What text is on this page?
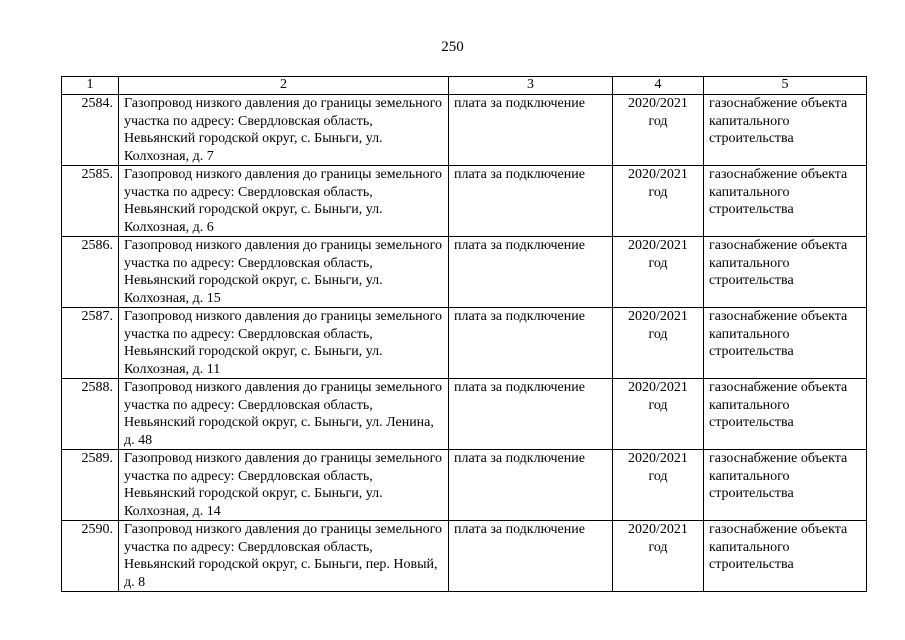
250
1	2	3	4	5
2584.	Газопровод низкого давления до границы земельного участка по адресу: Свердловская область, Невьянский городской округ, с. Быньги, ул. Колхозная, д. 7	плата за подключение	2020/2021 год	газоснабжение объекта капитального строительства
2585.	Газопровод низкого давления до границы земельного участка по адресу: Свердловская область, Невьянский городской округ, с. Быньги, ул. Колхозная, д. 6	плата за подключение	2020/2021 год	газоснабжение объекта капитального строительства
2586.	Газопровод низкого давления до границы земельного участка по адресу: Свердловская область, Невьянский городской округ, с. Быньги, ул. Колхозная, д. 15	плата за подключение	2020/2021 год	газоснабжение объекта капитального строительства
2587.	Газопровод низкого давления до границы земельного участка по адресу: Свердловская область, Невьянский городской округ, с. Быньги, ул. Колхозная, д. 11	плата за подключение	2020/2021 год	газоснабжение объекта капитального строительства
2588.	Газопровод низкого давления до границы земельного участка по адресу: Свердловская область, Невьянский городской округ, с. Быньги, ул. Ленина, д. 48	плата за подключение	2020/2021 год	газоснабжение объекта капитального строительства
2589.	Газопровод низкого давления до границы земельного участка по адресу: Свердловская область, Невьянский городской округ, с. Быньги, ул. Колхозная, д. 14	плата за подключение	2020/2021 год	газоснабжение объекта капитального строительства
2590.	Газопровод низкого давления до границы земельного участка по адресу: Свердловская область, Невьянский городской округ, с. Быньги, пер. Новый, д. 8	плата за подключение	2020/2021 год	газоснабжение объекта капитального строительства
